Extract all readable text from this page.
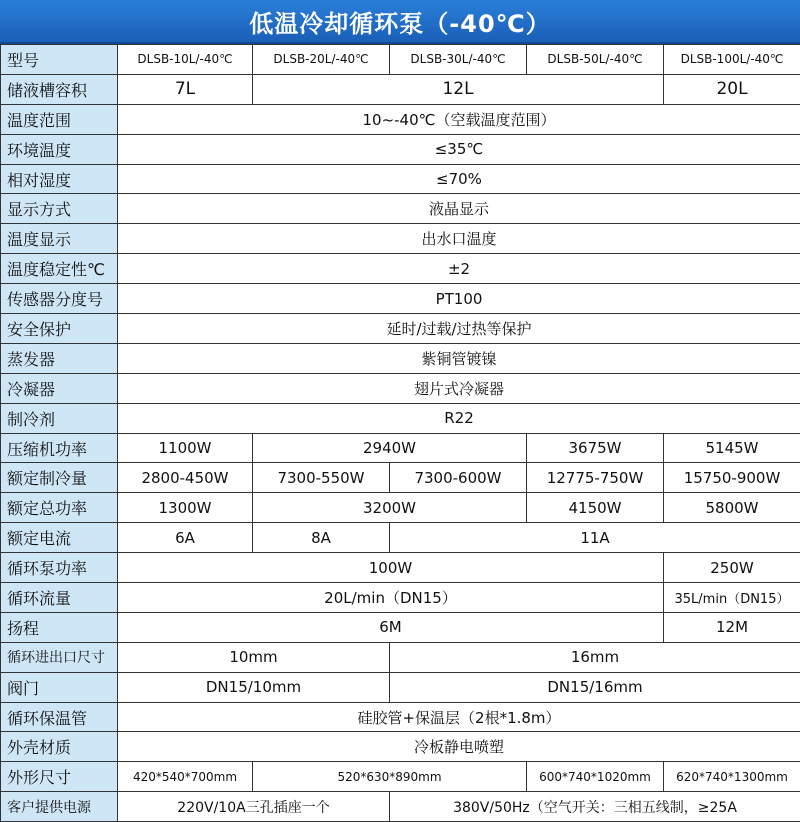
低温冷却循环泵（-40℃）
型号	DLSB-10L/-40℃	DLSB-20L/-40℃	DLSB-30L/-40℃	DLSB-50L/-40℃	DLSB-100L/-40℃
储液槽容积	7L	12L			20L
温度范围	10~-40℃（空载温度范围）				
环境温度	≤35℃				
相对湿度	≤70%				
显示方式	液晶显示				
温度显示	出水口温度				
温度稳定性℃	±2				
传感器分度号	PT100				
安全保护	延时/过载/过热等保护				
蒸发器	紫铜管镀镍				
冷凝器	翅片式冷凝器				
制冷剂	R22				
压缩机功率	1100W	2940W		3675W	5145W
额定制冷量	2800-450W	7300-550W	7300-600W	12775-750W	15750-900W
额定总功率	1300W	3200W		4150W	5800W
额定电流	6A	8A	11A		
循环泵功率	100W				250W
循环流量	20L/min（DN15）				35L/min（DN15）
扬程	6M				12M
循环进出口尺寸	10mm		16mm		
阀门	DN15/10mm		DN15/16mm		
循环保温管	硅胶管+保温层（2根*1.8m）				
外壳材质	冷板静电喷塑				
外形尺寸	420*540*700mm	520*630*890mm		600*740*1020mm	620*740*1300mm
客户提供电源	220V/10A三孔插座一个		380V/50Hz（空气开关：三相五线制，≥25A		
